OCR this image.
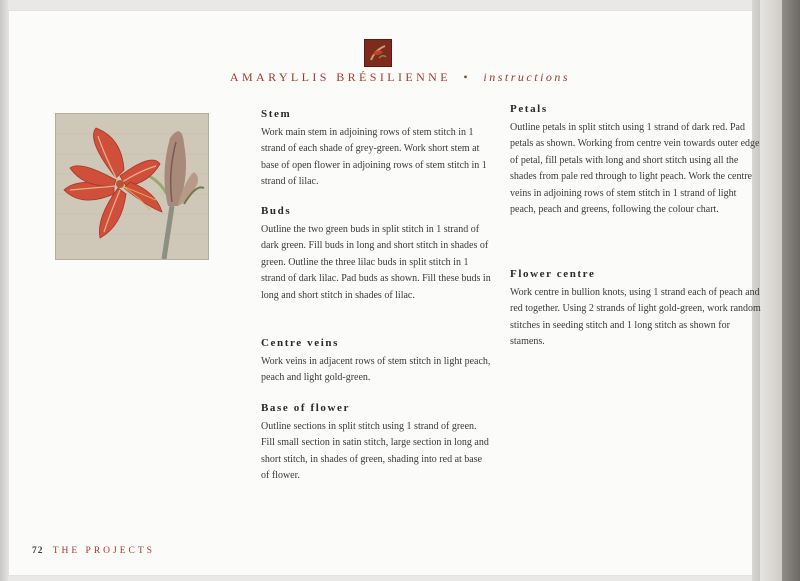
AMARYLLIS BRÉSILIENNE • instructions
Stem

Work main stem in adjoining rows of stem stitch in 1 strand of each shade of grey-green. Work short stem at base of open flower in adjoining rows of stem stitch in 1 strand of lilac.

Buds

Outline the two green buds in split stitch in 1 strand of dark green. Fill buds in long and short stitch in shades of green. Outline the three lilac buds in split stitch in 1 strand of dark lilac. Pad buds as shown. Fill these buds in long and short stitch in shades of lilac.

Centre veins

Work veins in adjacent rows of stem stitch in light peach, peach and light gold-green.

Base of flower

Outline sections in split stitch using 1 strand of green. Fill small section in satin stitch, large section in long and short stitch, in shades of green, shading into red at base of flower.

Petals

Outline petals in split stitch using 1 strand of dark red. Pad petals as shown. Working from centre vein towards outer edge of petal, fill petals with long and short stitch using all the shades from pale red through to light peach. Work the centre veins in adjoining rows of stem stitch in 1 strand of light peach, peach and greens, following the colour chart.

Flower centre

Work centre in bullion knots, using 1 strand each of peach and red together. Using 2 strands of light gold-green, work random stitches in seeding stitch and 1 long stitch as shown for stamens.

72 THE PROJECTS
